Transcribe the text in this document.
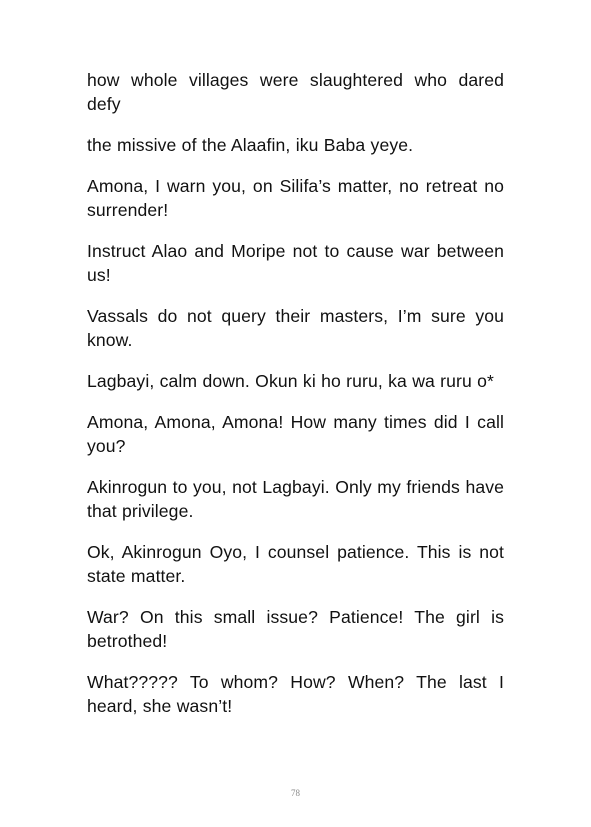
how whole villages were slaughtered who dared defy

the missive of the Alaafin, iku Baba yeye.

Amona, I warn you, on Silifa’s matter, no retreat no surrender!

Instruct Alao and Moripe not to cause war between us!

Vassals do not query their masters, I’m sure you know.

Lagbayi, calm down. Okun ki ho ruru, ka wa ruru o*

Amona, Amona, Amona! How many times did I call you?

Akinrogun to you, not Lagbayi. Only my friends have that privilege.

Ok, Akinrogun Oyo, I counsel patience. This is not state matter.

War? On this small issue? Patience! The girl is betrothed!

What????? To whom? How? When? The last I heard, she wasn’t!

78
